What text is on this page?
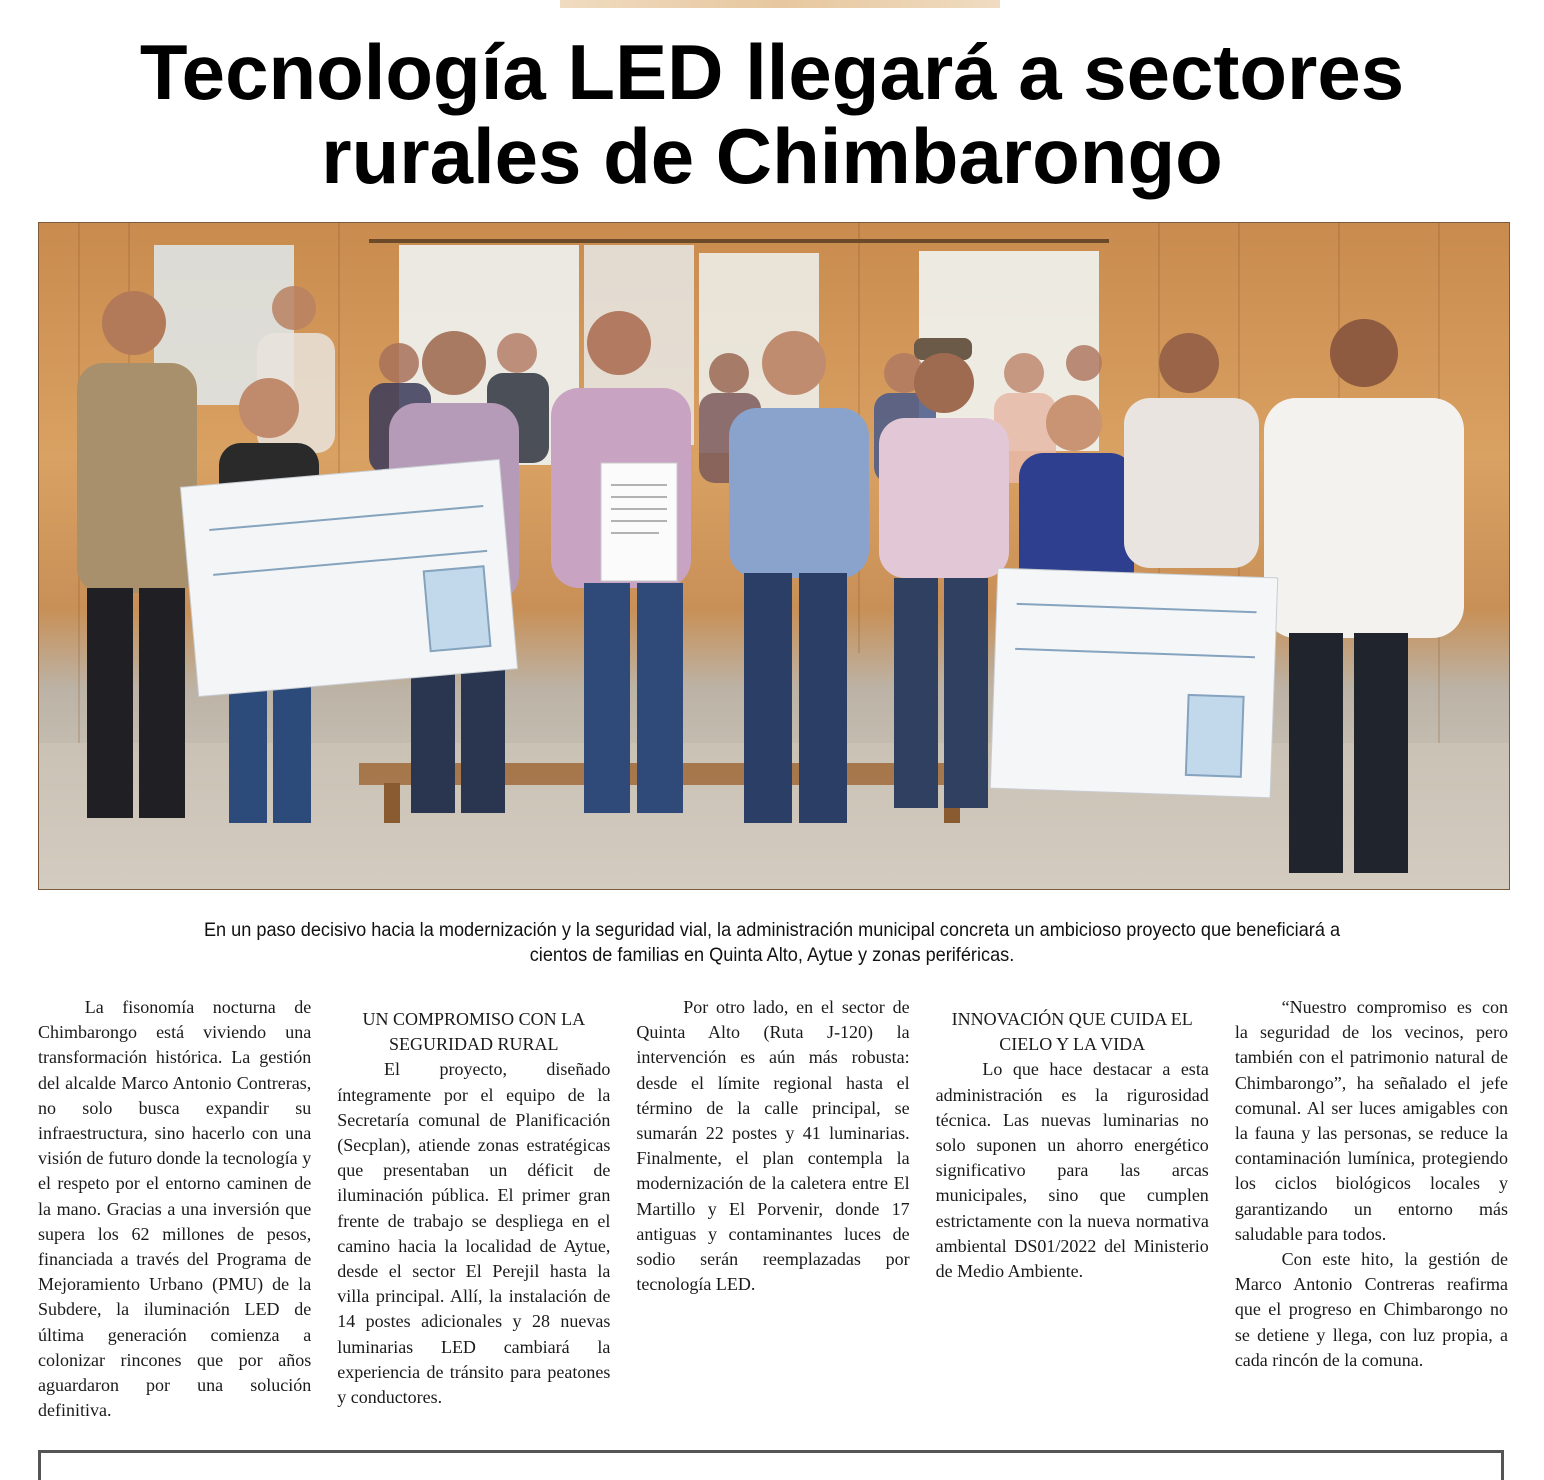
Tecnología LED llegará a sectores rurales de Chimbarongo

En un paso decisivo hacia la modernización y la seguridad vial, la administración municipal concreta un ambicioso proyecto que beneficiará a cientos de familias en Quinta Alto, Aytue y zonas periféricas.

La fisonomía nocturna de Chimbarongo está viviendo una transformación histórica. La gestión del alcalde Marco Antonio Contreras, no solo busca expandir su infraestructura, sino hacerlo con una visión de futuro donde la tecnología y el respeto por el entorno caminen de la mano. Gracias a una inversión que supera los 62 millones de pesos, financiada a través del Programa de Mejoramiento Urbano (PMU) de la Subdere, la iluminación LED de última generación comienza a colonizar rincones que por años aguardaron por una solución definitiva.

UN COMPROMISO CON LA SEGURIDAD RURAL

El proyecto, diseñado íntegramente por el equipo de la Secretaría comunal de Planificación (Secplan), atiende zonas estratégicas que presentaban un déficit de iluminación pública. El primer gran frente de trabajo se despliega en el camino hacia la localidad de Aytue, desde el sector El Perejil hasta la villa principal. Allí, la instalación de 14 postes adicionales y 28 nuevas luminarias LED cambiará la experiencia de tránsito para peatones y conductores.

Por otro lado, en el sector de Quinta Alto (Ruta J-120) la intervención es aún más robusta: desde el límite regional hasta el término de la calle principal, se sumarán 22 postes y 41 luminarias. Finalmente, el plan contempla la modernización de la caletera entre El Martillo y El Porvenir, donde 17 antiguas y contaminantes luces de sodio serán reemplazadas por tecnología LED.

INNOVACIÓN QUE CUIDA EL CIELO Y LA VIDA

Lo que hace destacar a esta administración es la rigurosidad técnica. Las nuevas luminarias no solo suponen un ahorro energético significativo para las arcas municipales, sino que cumplen estrictamente con la nueva normativa ambiental DS01/2022 del Ministerio de Medio Ambiente.

“Nuestro compromiso es con la seguridad de los vecinos, pero también con el patrimonio natural de Chimbarongo”, ha señalado el jefe comunal. Al ser luces amigables con la fauna y las personas, se reduce la contaminación lumínica, protegiendo los ciclos biológicos locales y garantizando un entorno más saludable para todos.

Con este hito, la gestión de Marco Antonio Contreras reafirma que el progreso en Chimbarongo no se detiene y llega, con luz propia, a cada rincón de la comuna.
